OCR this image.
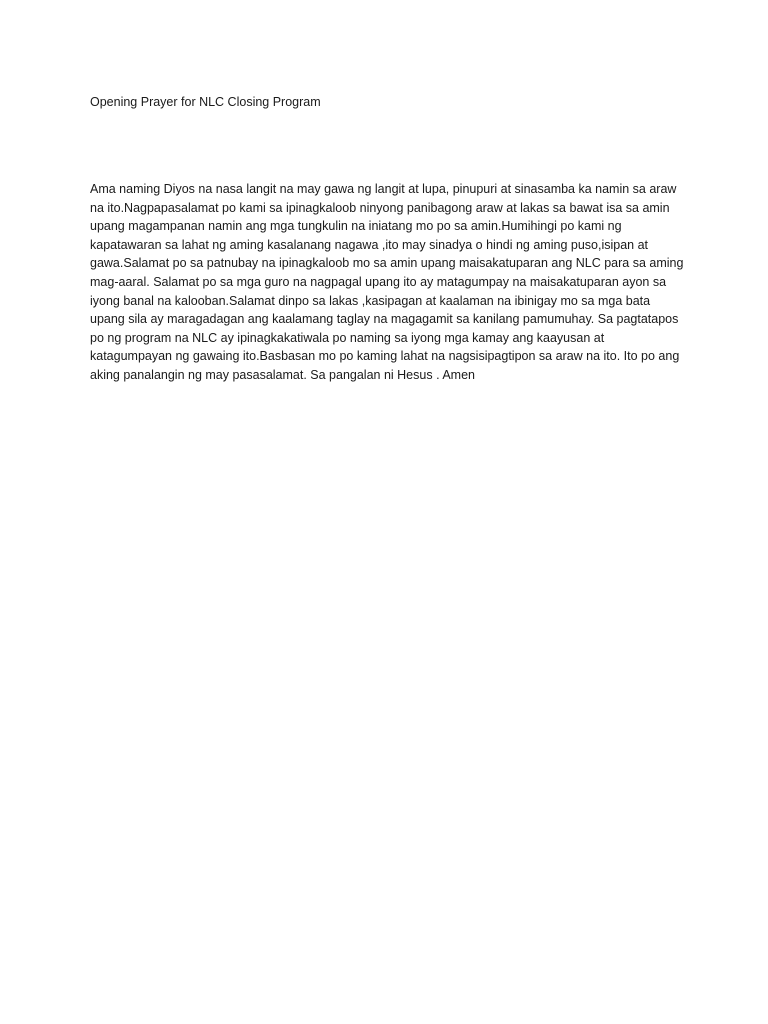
Opening Prayer for NLC Closing Program

Ama naming Diyos na nasa langit na may gawa ng langit at lupa, pinupuri at sinasamba ka namin sa araw
na ito.Nagpapasalamat po kami sa ipinagkaloob ninyong panibagong araw at lakas sa bawat isa sa amin
upang magampanan namin ang mga tungkulin na iniatang mo po sa amin.Humihingi po kami ng
kapatawaran sa lahat ng aming kasalanang nagawa ,ito may sinadya o hindi ng aming puso,isipan at
gawa.Salamat po sa patnubay na ipinagkaloob mo sa amin upang maisakatuparan ang NLC para sa aming
mag-aaral. Salamat po sa mga guro na nagpagal upang ito ay matagumpay na maisakatuparan ayon sa
iyong banal na kalooban.Salamat dinpo sa lakas ,kasipagan at kaalaman na ibinigay mo sa mga bata
upang sila ay maragadagan ang kaalamang taglay na magagamit sa kanilang pamumuhay. Sa pagtatapos
po ng program na NLC ay ipinagkakatiwala po naming sa iyong mga kamay ang kaayusan at
katagumpayan ng gawaing ito.Basbasan mo po kaming lahat na nagsisipagtipon sa araw na ito. Ito po ang
aking panalangin ng may pasasalamat. Sa pangalan ni Hesus . Amen
